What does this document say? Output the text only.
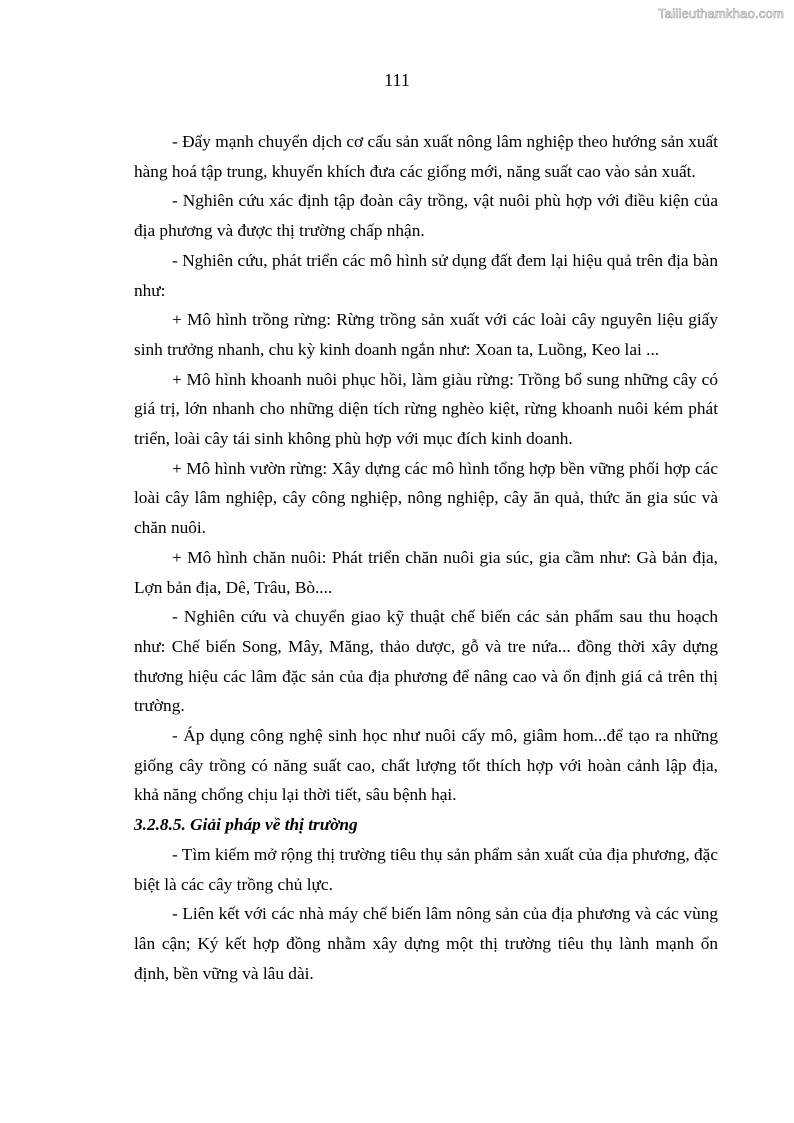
Tailieuthamkhao.com
111

- Đẩy mạnh chuyển dịch cơ cấu sản xuất nông lâm nghiệp theo hướng sản xuất hàng hoá tập trung, khuyến khích đưa các giống mới, năng suất cao vào sản xuất.

- Nghiên cứu xác định tập đoàn cây trồng, vật nuôi phù hợp với điều kiện của địa phương và được thị trường chấp nhận.

- Nghiên cứu, phát triển các mô hình sử dụng đất đem lại hiệu quả trên địa bàn như:

+ Mô hình trồng rừng: Rừng trồng sản xuất với các loài cây nguyên liệu giấy sinh trưởng nhanh, chu kỳ kinh doanh ngắn như: Xoan ta, Luồng, Keo lai ...

+ Mô hình khoanh nuôi phục hồi, làm giàu rừng: Trồng bổ sung những cây có giá trị, lớn nhanh cho những diện tích rừng nghèo kiệt, rừng khoanh nuôi kém phát triển, loài cây tái sinh không phù hợp với mục đích kinh doanh.

+ Mô hình vườn rừng: Xây dựng các mô hình tổng hợp bền vững phối hợp các loài cây lâm nghiệp, cây công nghiệp, nông nghiệp, cây ăn quả, thức ăn gia súc và chăn nuôi.

+ Mô hình chăn nuôi: Phát triển chăn nuôi gia súc, gia cầm như: Gà bản địa, Lợn bản địa, Dê, Trâu, Bò....

- Nghiên cứu và chuyển giao kỹ thuật chế biến các sản phẩm sau thu hoạch như: Chế biến Song, Mây, Măng, thảo dược, gỗ và tre nứa... đồng thời xây dựng thương hiệu các lâm đặc sản của địa phương để nâng cao và ổn định giá cả trên thị trường.

- Áp dụng công nghệ sinh học như nuôi cấy mô, giâm hom...để tạo ra những giống cây trồng có năng suất cao, chất lượng tốt thích hợp với hoàn cảnh lập địa, khả năng chống chịu lại thời tiết, sâu bệnh hại.

3.2.8.5. Giải pháp về thị trường

- Tìm kiếm mở rộng thị trường tiêu thụ sản phẩm sản xuất của địa phương, đặc biệt là các cây trồng chủ lực.

- Liên kết với các nhà máy chế biến lâm nông sản của địa phương và các vùng lân cận; Ký kết hợp đồng nhằm xây dựng một thị trường tiêu thụ lành mạnh ổn định, bền vững và lâu dài.
